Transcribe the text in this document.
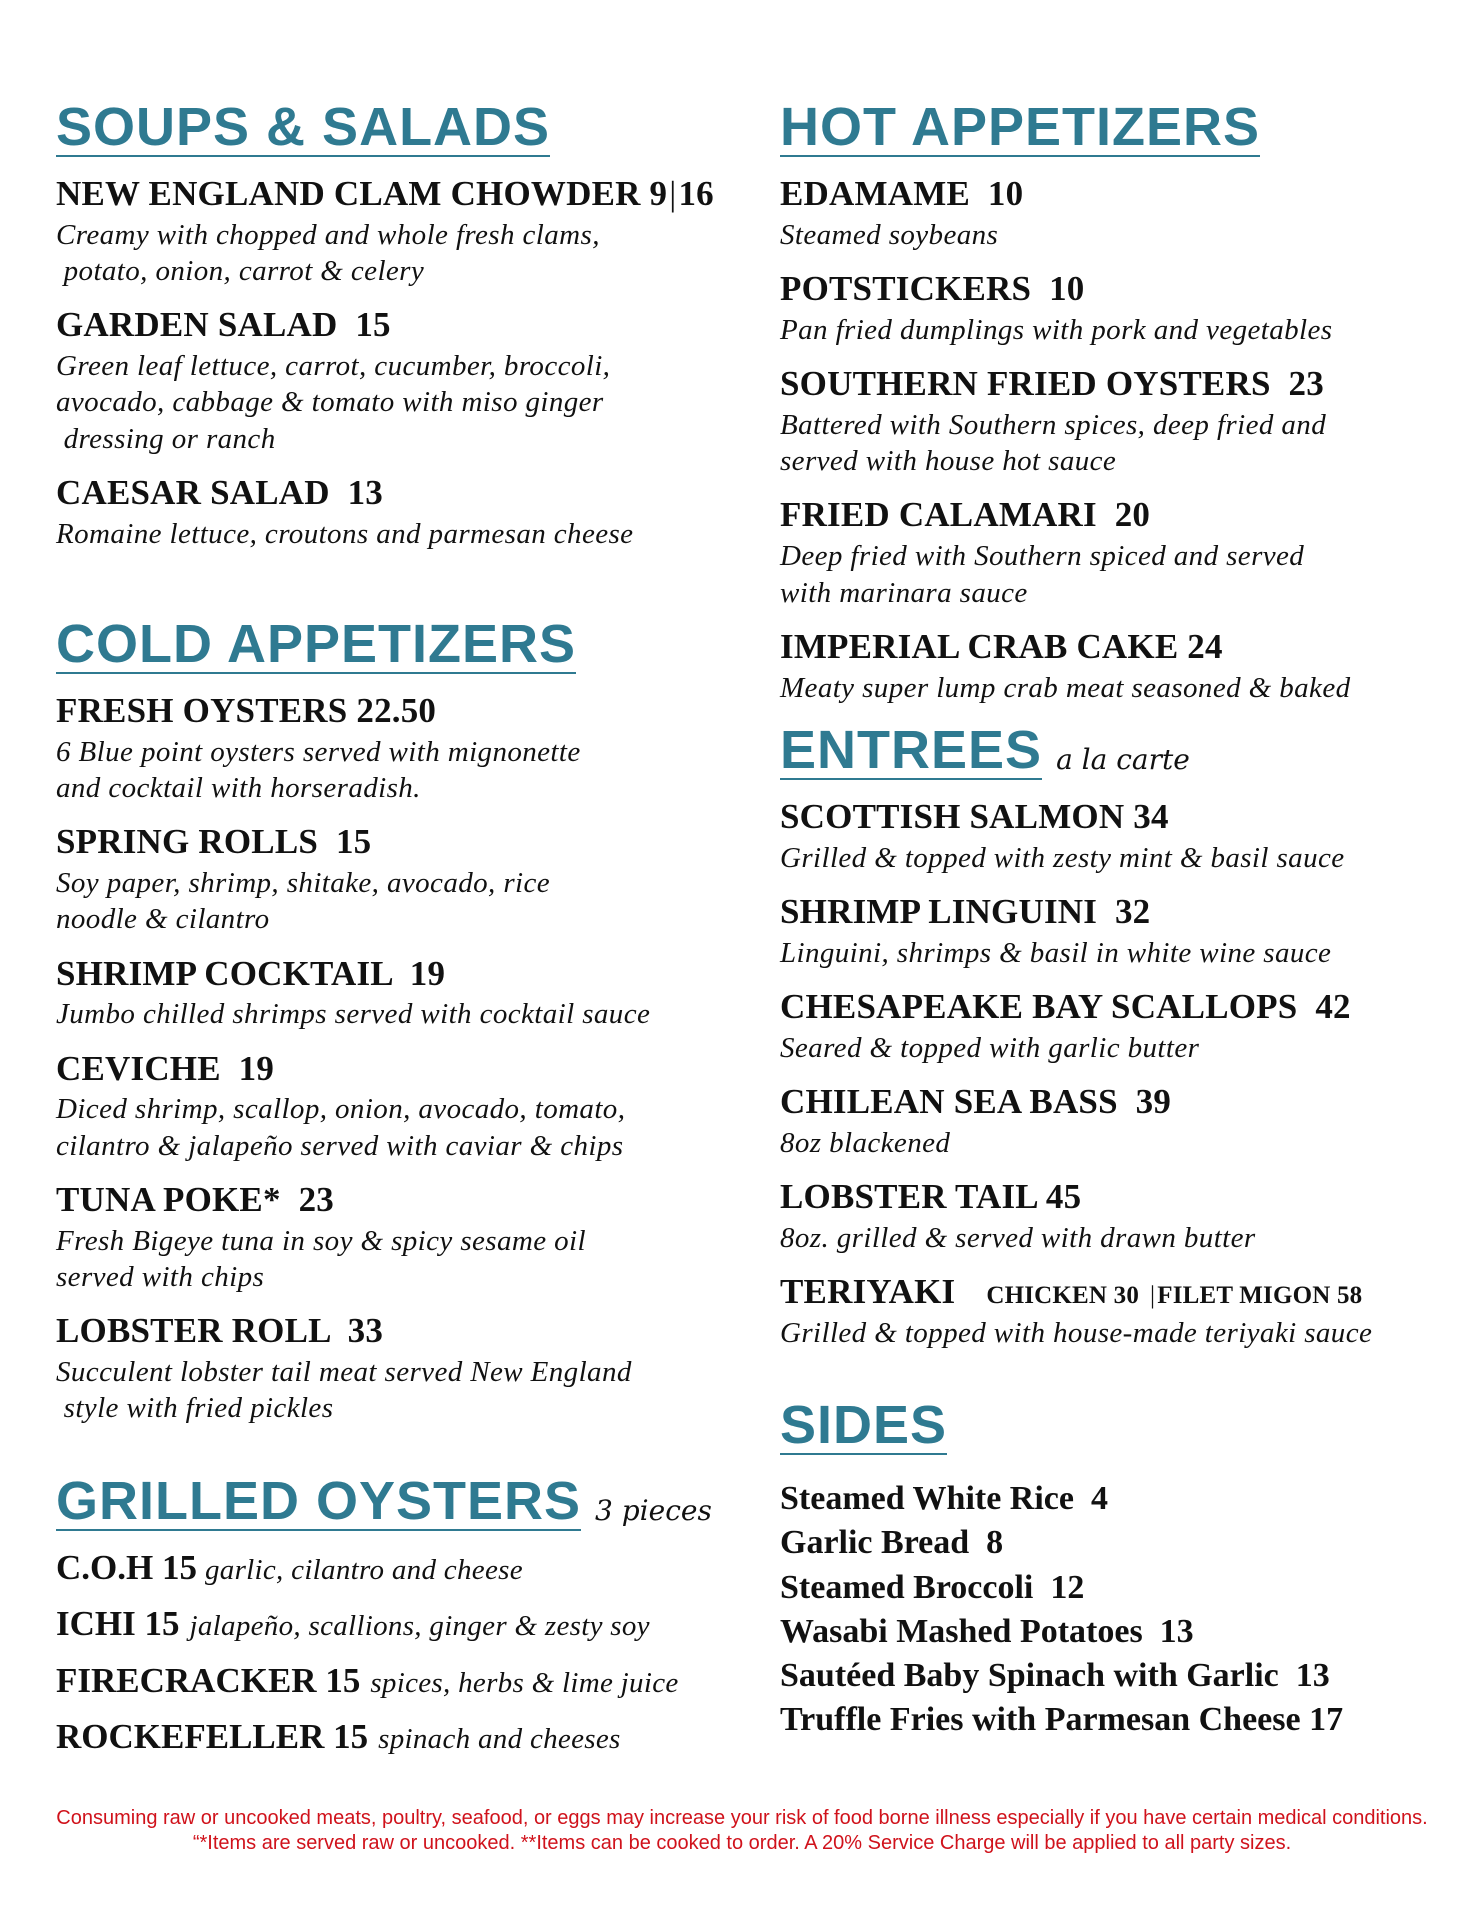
SOUPS & SALADS
NEW ENGLAND CLAM CHOWDER 9|16
Creamy with chopped and whole fresh clams,
potato, onion, carrot & celery
GARDEN SALAD  15
Green leaf lettuce, carrot, cucumber, broccoli,
avocado, cabbage & tomato with miso ginger
dressing or ranch
CAESAR SALAD  13
Romaine lettuce, croutons and parmesan cheese
COLD APPETIZERS
FRESH OYSTERS 22.50
6 Blue point oysters served with mignonette
and cocktail with horseradish.
SPRING ROLLS  15
Soy paper, shrimp, shitake, avocado, rice
noodle & cilantro
SHRIMP COCKTAIL  19
Jumbo chilled shrimps served with cocktail sauce
CEVICHE  19
Diced shrimp, scallop, onion, avocado, tomato,
cilantro & jalapeño served with caviar & chips
TUNA POKE*  23
Fresh Bigeye tuna in soy & spicy sesame oil
served with chips
LOBSTER ROLL  33
Succulent lobster tail meat served New England
style with fried pickles
GRILLED OYSTERS 3 pieces
C.O.H 15 garlic, cilantro and cheese
ICHI 15 jalapeño, scallions, ginger & zesty soy
FIRECRACKER 15 spices, herbs & lime juice
ROCKEFELLER 15 spinach and cheeses
HOT APPETIZERS
EDAMAME  10
Steamed soybeans
POTSTICKERS  10
Pan fried dumplings with pork and vegetables
SOUTHERN FRIED OYSTERS  23
Battered with Southern spices, deep fried and
served with house hot sauce
FRIED CALAMARI  20
Deep fried with Southern spiced and served
with marinara sauce
IMPERIAL CRAB CAKE 24
Meaty super lump crab meat seasoned & baked
ENTREES a la carte
SCOTTISH SALMON 34
Grilled & topped with zesty mint & basil sauce
SHRIMP LINGUINI  32
Linguini, shrimps & basil in white wine sauce
CHESAPEAKE BAY SCALLOPS  42
Seared & topped with garlic butter
CHILEAN SEA BASS  39
8oz blackened
LOBSTER TAIL 45
8oz. grilled & served with drawn butter
TERIYAKI CHICKEN 30 |FILET MIGON 58
Grilled & topped with house-made teriyaki sauce
SIDES
Steamed White Rice  4
Garlic Bread  8
Steamed Broccoli  12
Wasabi Mashed Potatoes  13
Sautéed Baby Spinach with Garlic  13
Truffle Fries with Parmesan Cheese 17
Consuming raw or uncooked meats, poultry, seafood, or eggs may increase your risk of food borne illness especially if you have certain medical conditions.
“*Items are served raw or uncooked. **Items can be cooked to order. A 20% Service Charge will be applied to all party sizes.
